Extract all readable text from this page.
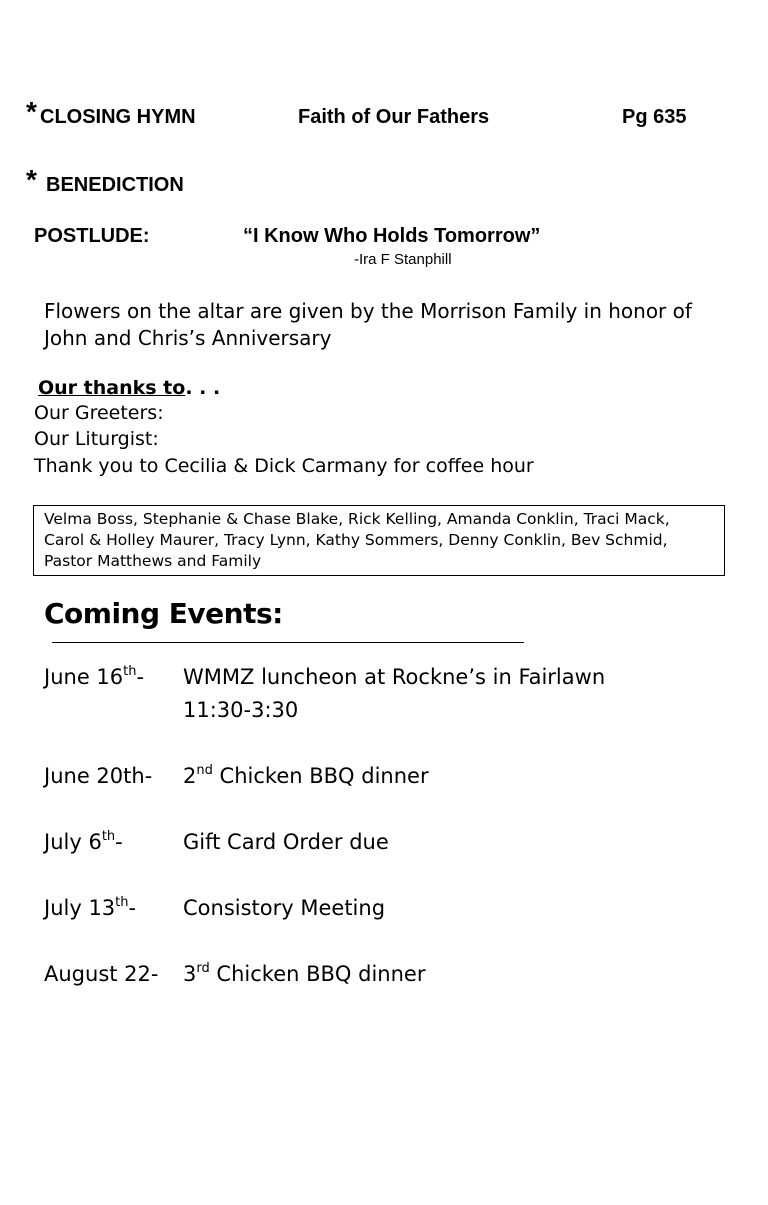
* CLOSING HYMN	Faith of Our Fathers	Pg 635
* BENEDICTION
POSTLUDE:	“I Know Who Holds Tomorrow”
-Ira F Stanphill
Flowers on the altar are given by the Morrison Family in honor of John and Chris’s Anniversary
Our thanks to. . .
Our Greeters:
Our Liturgist:
Thank you to Cecilia & Dick Carmany for coffee hour
Velma Boss, Stephanie & Chase Blake, Rick Kelling, Amanda Conklin, Traci Mack, Carol & Holley Maurer, Tracy Lynn, Kathy Sommers, Denny Conklin, Bev Schmid, Pastor Matthews and Family
Coming Events:
June 16th- WMMZ luncheon at Rockne’s in Fairlawn
11:30-3:30
June 20th- 2nd Chicken BBQ dinner
July 6th-	Gift Card Order due
July 13th- Consistory Meeting
August 22- 3rd Chicken BBQ dinner
